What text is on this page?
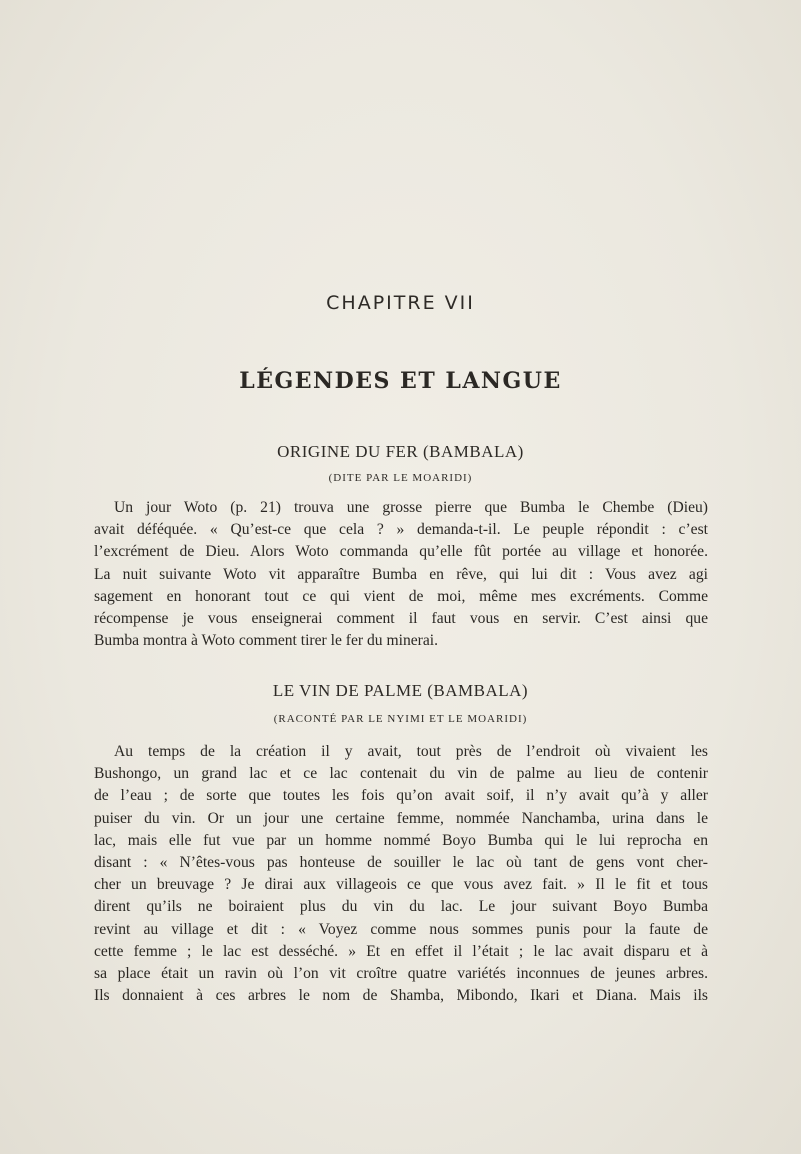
CHAPITRE VII
LÉGENDES ET LANGUE
ORIGINE DU FER (BAMBALA)
(DITE PAR LE MOARIDI)
Un jour Woto (p. 21) trouva une grosse pierre que Bumba le Chembe (Dieu)
avait déféquée. « Qu’est-ce que cela ? » demanda-t-il. Le peuple répondit : c’est
l’excrément de Dieu. Alors Woto commanda qu’elle fût portée au village et honorée.
La nuit suivante Woto vit apparaître Bumba en rêve, qui lui dit : Vous avez agi
sagement en honorant tout ce qui vient de moi, même mes excréments. Comme
récompense je vous enseignerai comment il faut vous en servir. C’est ainsi que
Bumba montra à Woto comment tirer le fer du minerai.
LE VIN DE PALME (BAMBALA)
(RACONTÉ PAR LE NYIMI ET LE MOARIDI)
Au temps de la création il y avait, tout près de l’endroit où vivaient les
Bushongo, un grand lac et ce lac contenait du vin de palme au lieu de contenir
de l’eau ; de sorte que toutes les fois qu’on avait soif, il n’y avait qu’à y aller
puiser du vin. Or un jour une certaine femme, nommée Nanchamba, urina dans le
lac, mais elle fut vue par un homme nommé Boyo Bumba qui le lui reprocha en
disant : « N’êtes-vous pas honteuse de souiller le lac où tant de gens vont cher-
cher un breuvage ? Je dirai aux villageois ce que vous avez fait. » Il le fit et tous
dirent qu’ils ne boiraient plus du vin du lac. Le jour suivant Boyo Bumba
revint au village et dit : « Voyez comme nous sommes punis pour la faute de
cette femme ; le lac est desséché. » Et en effet il l’était ; le lac avait disparu et à
sa place était un ravin où l’on vit croître quatre variétés inconnues de jeunes arbres.
Ils donnaient à ces arbres le nom de Shamba, Mibondo, Ikari et Diana. Mais ils
